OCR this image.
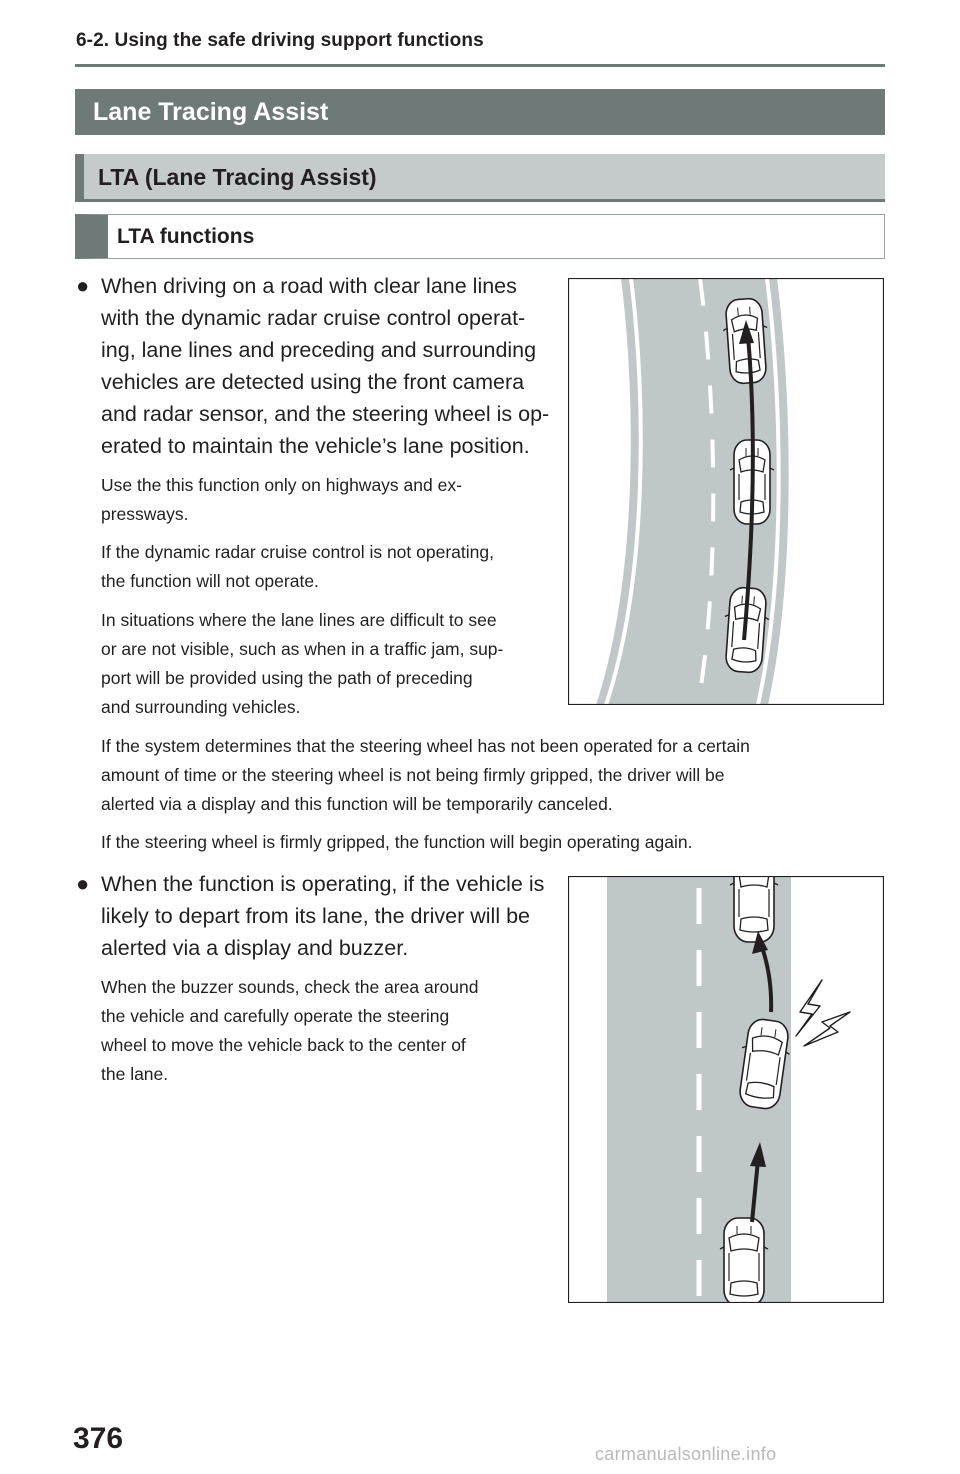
6-2. Using the safe driving support functions
Lane Tracing Assist
LTA (Lane Tracing Assist)
LTA functions
● When driving on a road with clear lane lines
with the dynamic radar cruise control operat-
ing, lane lines and preceding and surrounding
vehicles are detected using the front camera
and radar sensor, and the steering wheel is op-
erated to maintain the vehicle’s lane position.
Use the this function only on highways and ex-
pressways.
If the dynamic radar cruise control is not operating,
the function will not operate.
In situations where the lane lines are difficult to see
or are not visible, such as when in a traffic jam, sup-
port will be provided using the path of preceding
and surrounding vehicles.
If the system determines that the steering wheel has not been operated for a certain
amount of time or the steering wheel is not being firmly gripped, the driver will be
alerted via a display and this function will be temporarily canceled.
If the steering wheel is firmly gripped, the function will begin operating again.
● When the function is operating, if the vehicle is
likely to depart from its lane, the driver will be
alerted via a display and buzzer.
When the buzzer sounds, check the area around
the vehicle and carefully operate the steering
wheel to move the vehicle back to the center of
the lane.
376	carmanualsonline.info
